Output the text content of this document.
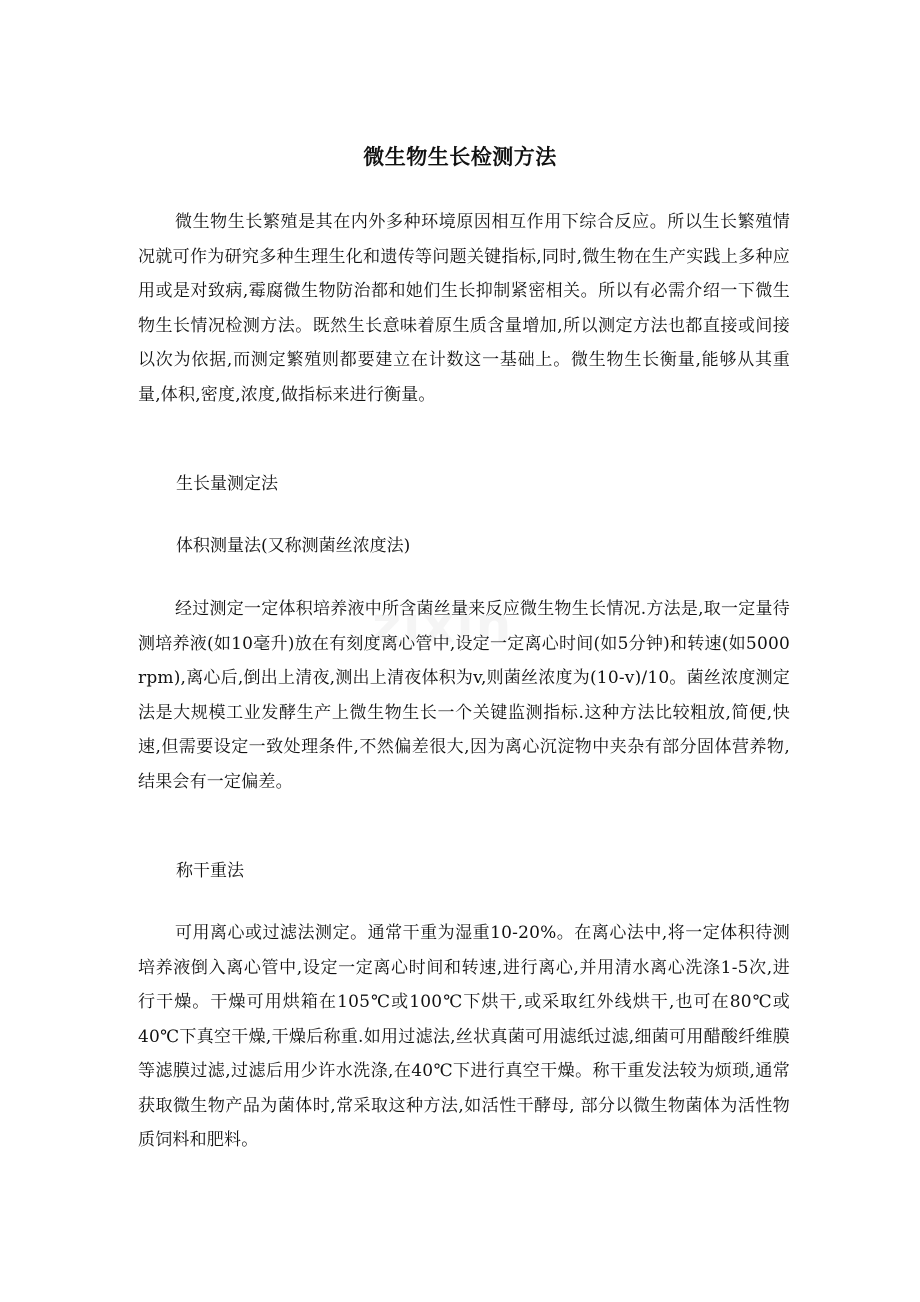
微生物生长检测方法

微生物生长繁殖是其在内外多种环境原因相互作用下综合反应。所以生长繁殖情况就可作为研究多种生理生化和遗传等问题关键指标,同时,微生物在生产实践上多种应用或是对致病,霉腐微生物防治都和她们生长抑制紧密相关。所以有必需介绍一下微生物生长情况检测方法。既然生长意味着原生质含量增加,所以测定方法也都直接或间接以次为依据,而测定繁殖则都要建立在计数这一基础上。微生物生长衡量,能够从其重量,体积,密度,浓度,做指标来进行衡量。

生长量测定法

体积测量法(又称测菌丝浓度法)

经过测定一定体积培养液中所含菌丝量来反应微生物生长情况.方法是,取一定量待测培养液(如10毫升)放在有刻度离心管中,设定一定离心时间(如5分钟)和转速(如5000 rpm),离心后,倒出上清夜,测出上清夜体积为v,则菌丝浓度为(10-v)/10。菌丝浓度测定法是大规模工业发酵生产上微生物生长一个关键监测指标.这种方法比较粗放,简便,快速,但需要设定一致处理条件,不然偏差很大,因为离心沉淀物中夹杂有部分固体营养物,结果会有一定偏差。

称干重法

可用离心或过滤法测定。通常干重为湿重10-20%。在离心法中,将一定体积待测培养液倒入离心管中,设定一定离心时间和转速,进行离心,并用清水离心洗涤1-5次,进行干燥。干燥可用烘箱在105℃或100℃下烘干,或采取红外线烘干,也可在80℃或40℃下真空干燥,干燥后称重.如用过滤法,丝状真菌可用滤纸过滤,细菌可用醋酸纤维膜等滤膜过滤,过滤后用少许水洗涤,在40℃下进行真空干燥。称干重发法较为烦琐,通常获取微生物产品为菌体时,常采取这种方法,如活性干酵母, 部分以微生物菌体为活性物质饲料和肥料。
